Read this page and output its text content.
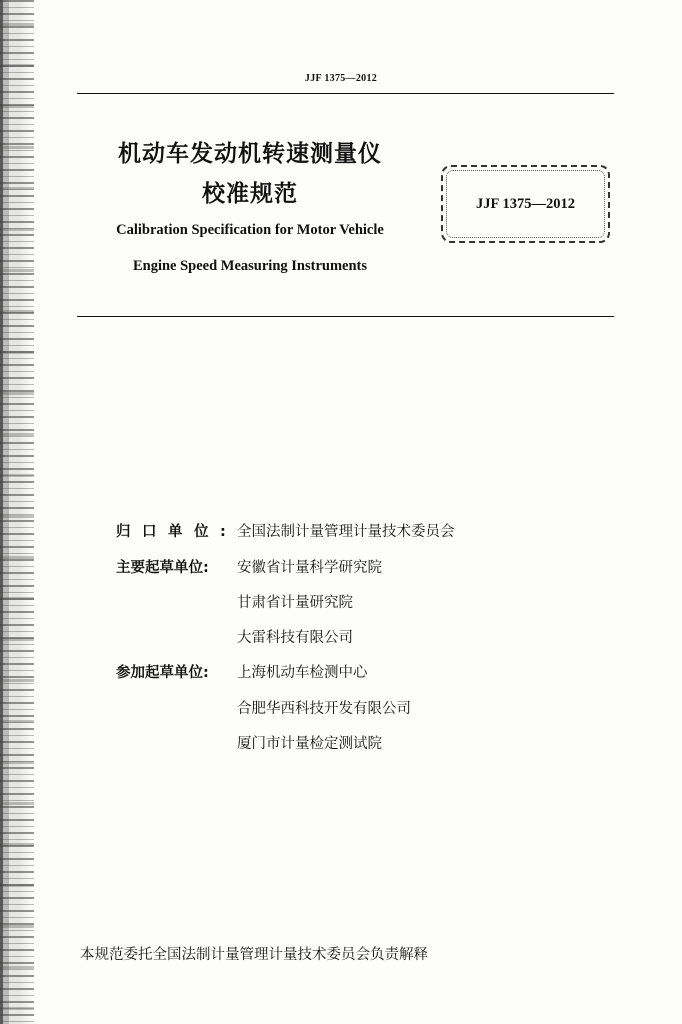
JJF 1375—2012
机动车发动机转速测量仪
校准规范
Calibration Specification for Motor Vehicle
Engine Speed Measuring Instruments
JJF 1375—2012
归口单位: 全国法制计量管理计量技术委员会
主要起草单位: 安徽省计量科学研究院
甘肃省计量研究院
大雷科技有限公司
参加起草单位: 上海机动车检测中心
合肥华西科技开发有限公司
厦门市计量检定测试院
本规范委托全国法制计量管理计量技术委员会负责解释
